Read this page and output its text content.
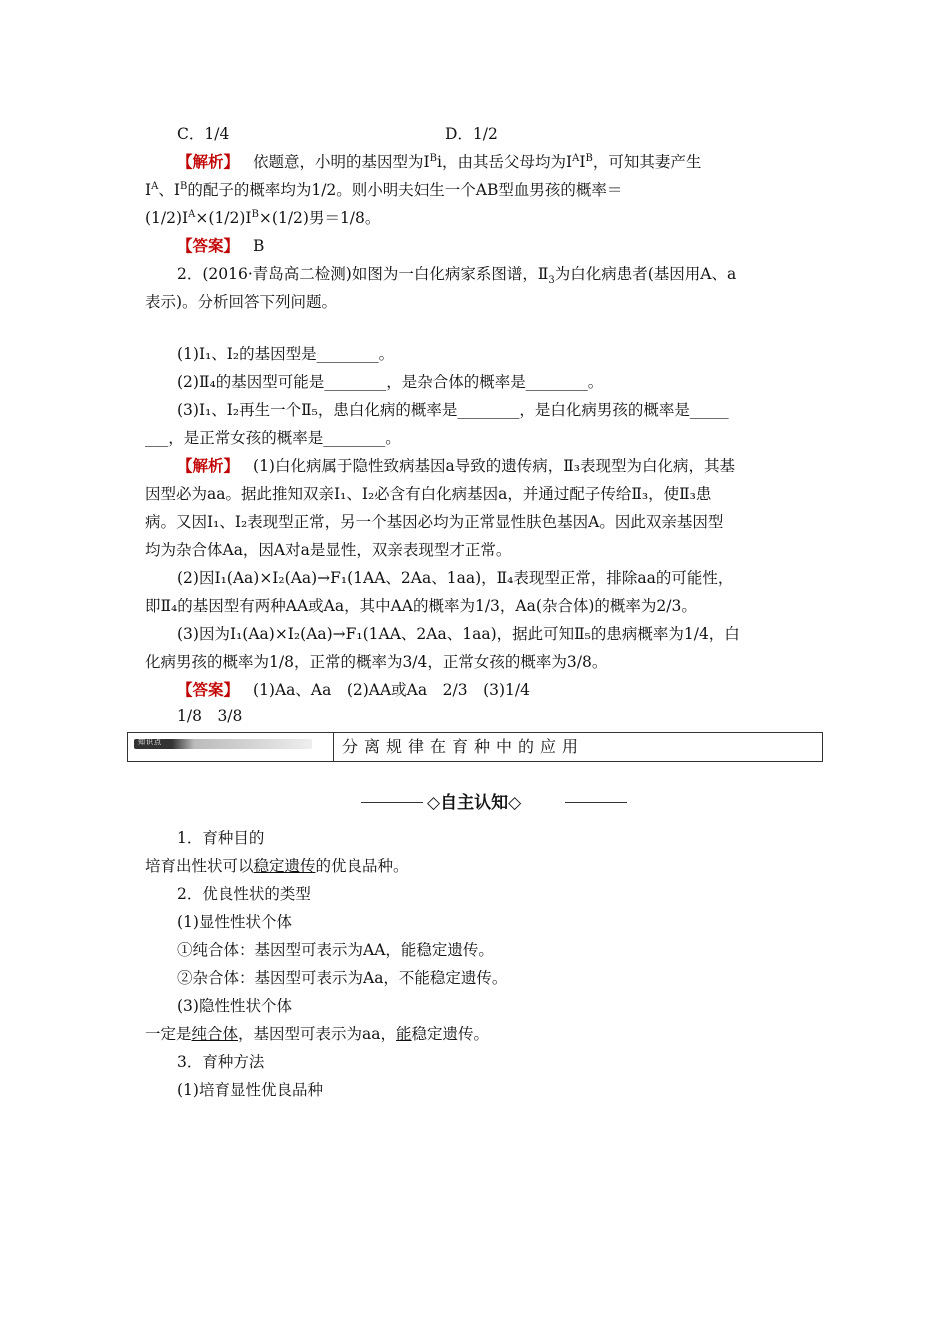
C．1/4	D．1/2
【解析】 依题意，小明的基因型为Ⅰ$^B$i，由其岳父母均为Ⅰ$^A$Ⅰ$^B$，可知其妻产生
Ⅰ$^A$、Ⅰ$^B$的配子的概率均为1/2。则小明夫妇生一个AB型血男孩的概率＝
(1/2)Ⅰ$^A$×(1/2)Ⅰ$^B$×(1/2)男＝1/8。
【答案】 B
2．(2016·青岛高二检测)如图为一白化病家系图谱，$Ⅱ_3$为白化病患者(基因用A、a
表示)。分析回答下列问题。
(1)Ⅰ₁、Ⅰ₂的基因型是________。
(2)Ⅱ₄的基因型可能是________，是杂合体的概率是________。
(3)Ⅰ₁、Ⅰ₂再生一个Ⅱ₅，患白化病的概率是________，是白化病男孩的概率是_____
___，是正常女孩的概率是________。
【解析】 (1)白化病属于隐性致病基因a导致的遗传病，Ⅱ₃表现型为白化病，其基
因型必为aa。据此推知双亲Ⅰ₁、Ⅰ₂必含有白化病基因a，并通过配子传给Ⅱ₃，使Ⅱ₃患
病。又因Ⅰ₁、Ⅰ₂表现型正常，另一个基因必均为正常显性肤色基因A。因此双亲基因型
均为杂合体Aa，因A对a是显性，双亲表现型才正常。
(2)因Ⅰ₁(Aa)×Ⅰ₂(Aa)→F₁(1AA、2Aa、1aa)，Ⅱ₄表现型正常，排除aa的可能性，
即Ⅱ₄的基因型有两种AA或Aa，其中AA的概率为1/3，Aa(杂合体)的概率为2/3。
(3)因为Ⅰ₁(Aa)×Ⅰ₂(Aa)→F₁(1AA、2Aa、1aa)，据此可知Ⅱ₅的患病概率为1/4，白
化病男孩的概率为1/8，正常的概率为3/4，正常女孩的概率为3/8。
【答案】 (1)Aa、Aa　(2)AA或Aa　2/3　(3)1/4
1/8　3/8
知识点	分离规律在育种中的应用
◇自主认知◇
1．育种目的
培育出性状可以稳定遗传的优良品种。
2．优良性状的类型
(1)显性性状个体
①纯合体：基因型可表示为AA，能稳定遗传。
②杂合体：基因型可表示为Aa，不能稳定遗传。
(3)隐性性状个体
一定是纯合体，基因型可表示为aa，能稳定遗传。
3．育种方法
(1)培育显性优良品种
